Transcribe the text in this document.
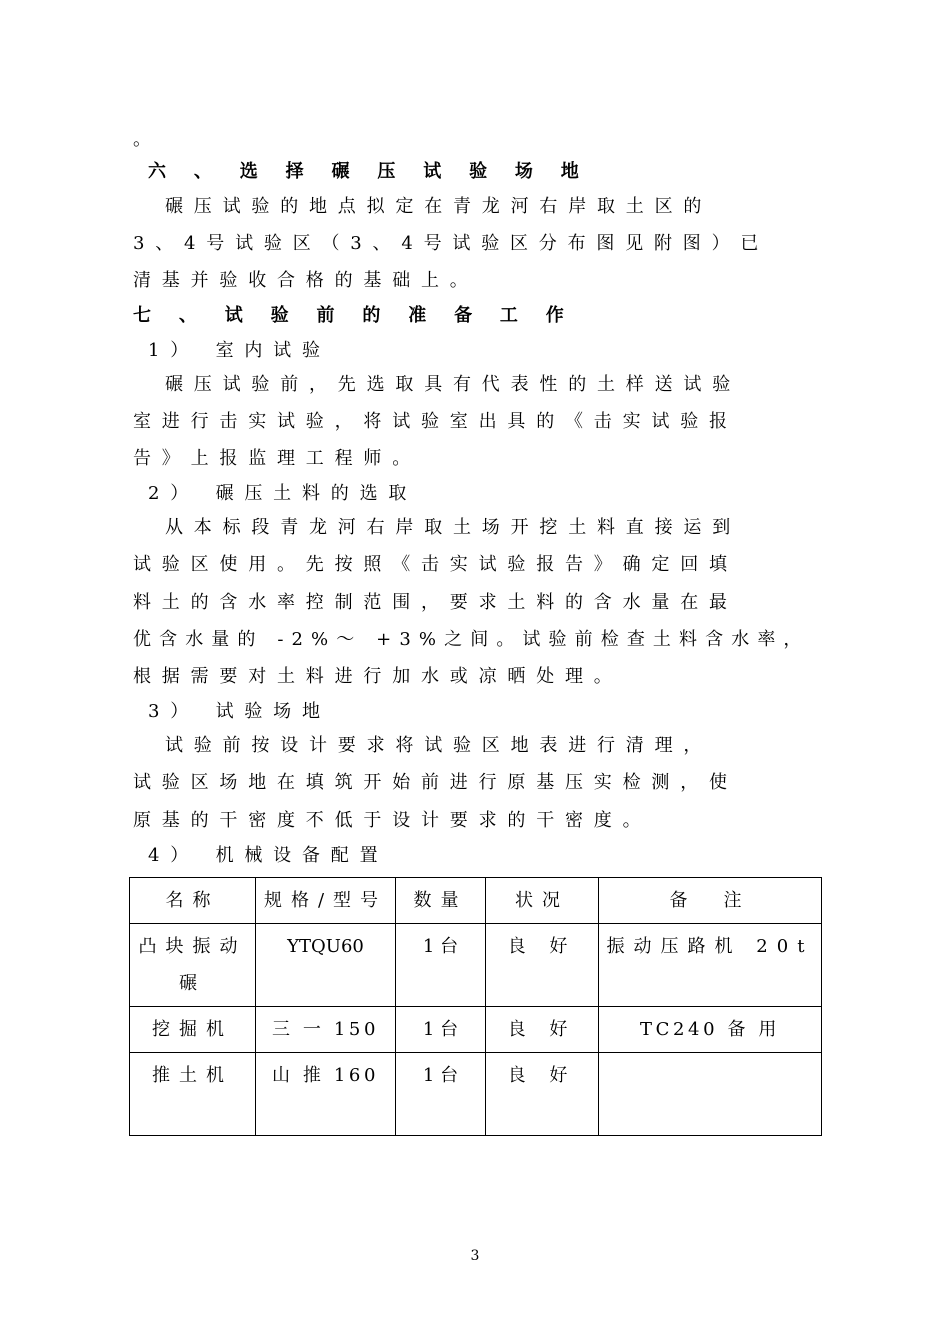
。
六 、 选 择 碾 压 试 验 场 地
碾压试验的地点拟定在青龙河右岸取土区的
3、4号试验区（3、4号试验区分布图见附图）已
清基并验收合格的基础上。
七 、 试 验 前 的 准 备 工 作
1） 室内试验
碾压试验前，先选取具有代表性的土样送试验
室进行击实试验，将试验室出具的《击实试验报
告》上报监理工程师。
2） 碾压土料的选取
从本标段青龙河右岸取土场开挖土料直接运到
试验区使用。先按照《击实试验报告》确定回填
料土的含水率控制范围，要求土料的含水量在最
优含水量的 -2%～ +3%之间。试验前检查土料含水率，
根据需要对土料进行加水或凉晒处理。
3） 试验场地
试验前按设计要求将试验区地表进行清理，
试验区场地在填筑开始前进行原基压实检测，使
原基的干密度不低于设计要求的干密度。
4） 机械设备配置
名称	规格/型号	数量	状况	备　注
凸块振动碾	YTQU60	1 台	良 好	振动压路机 20t
挖掘机	三 一 150	1 台	良 好	TC240 备 用
推土机	山 推 160	1 台	良 好	
3
